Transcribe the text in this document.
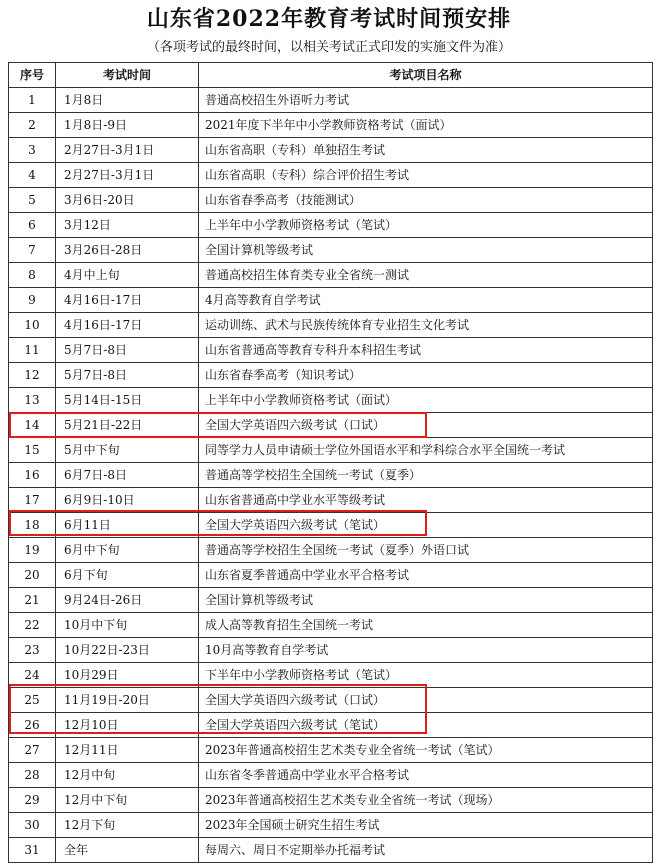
山东省2022年教育考试时间预安排
（各项考试的最终时间，以相关考试正式印发的实施文件为准）
序号	考试时间	考试项目名称
1	1月8日	普通高校招生外语听力考试
2	1月8日-9日	2021年度下半年中小学教师资格考试（面试）
3	2月27日-3月1日	山东省高职（专科）单独招生考试
4	2月27日-3月1日	山东省高职（专科）综合评价招生考试
5	3月6日-20日	山东省春季高考（技能测试）
6	3月12日	上半年中小学教师资格考试（笔试）
7	3月26日-28日	全国计算机等级考试
8	4月中上旬	普通高校招生体育类专业全省统一测试
9	4月16日-17日	4月高等教育自学考试
10	4月16日-17日	运动训练、武术与民族传统体育专业招生文化考试
11	5月7日-8日	山东省普通高等教育专科升本科招生考试
12	5月7日-8日	山东省春季高考（知识考试）
13	5月14日-15日	上半年中小学教师资格考试（面试）
14	5月21日-22日	全国大学英语四六级考试（口试）
15	5月中下旬	同等学力人员申请硕士学位外国语水平和学科综合水平全国统一考试
16	6月7日-8日	普通高等学校招生全国统一考试（夏季）
17	6月9日-10日	山东省普通高中学业水平等级考试
18	6月11日	全国大学英语四六级考试（笔试）
19	6月中下旬	普通高等学校招生全国统一考试（夏季）外语口试
20	6月下旬	山东省夏季普通高中学业水平合格考试
21	9月24日-26日	全国计算机等级考试
22	10月中下旬	成人高等教育招生全国统一考试
23	10月22日-23日	10月高等教育自学考试
24	10月29日	下半年中小学教师资格考试（笔试）
25	11月19日-20日	全国大学英语四六级考试（口试）
26	12月10日	全国大学英语四六级考试（笔试）
27	12月11日	2023年普通高校招生艺术类专业全省统一考试（笔试）
28	12月中旬	山东省冬季普通高中学业水平合格考试
29	12月中下旬	2023年普通高校招生艺术类专业全省统一考试（现场）
30	12月下旬	2023年全国硕士研究生招生考试
31	全年	每周六、周日不定期举办托福考试
